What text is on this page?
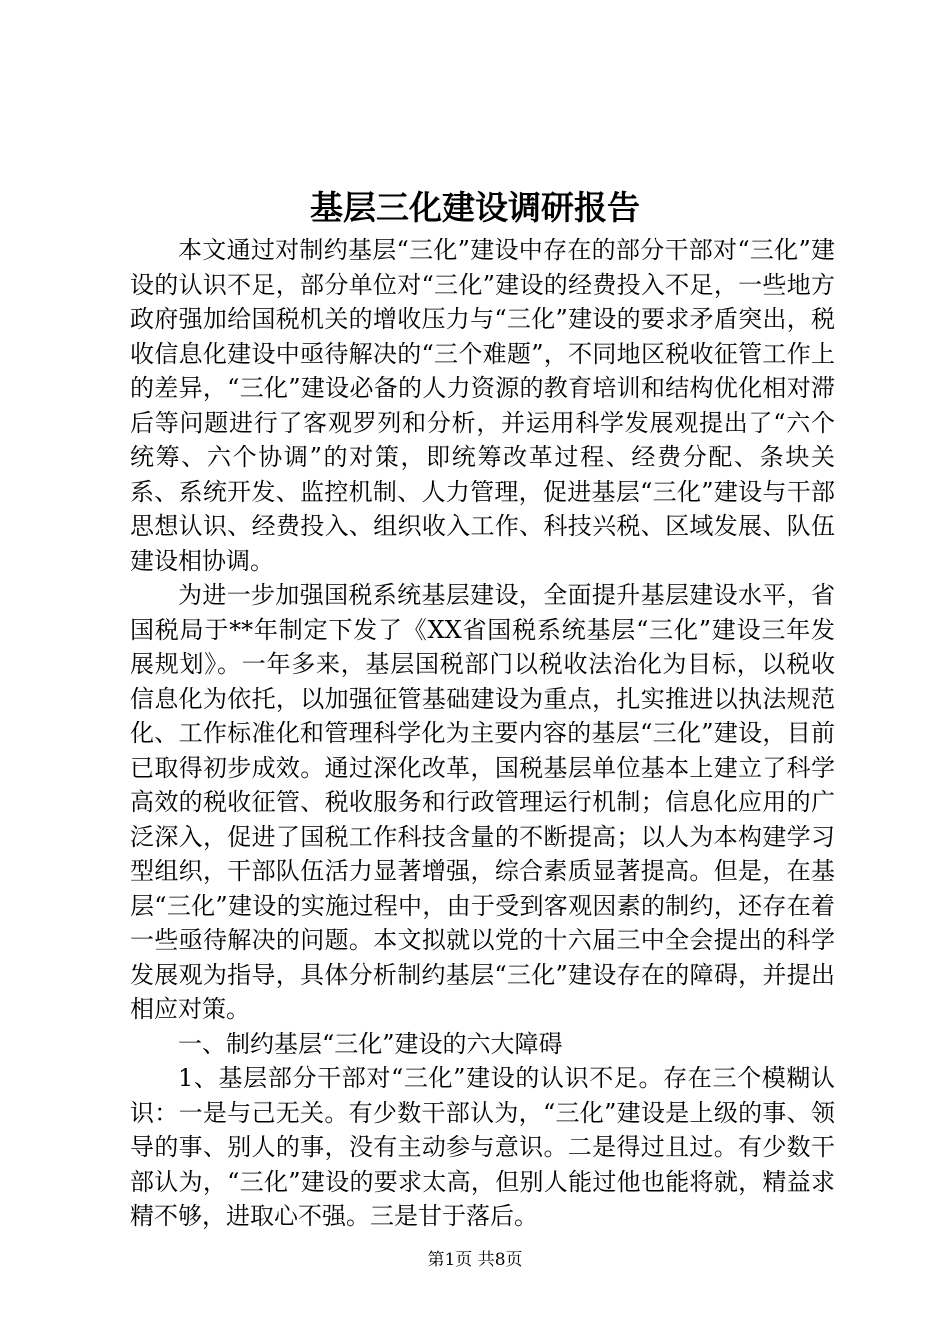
基层三化建设调研报告

本文通过对制约基层“三化”建设中存在的部分干部对“三化”建设的认识不足，部分单位对“三化”建设的经费投入不足，一些地方政府强加给国税机关的增收压力与“三化”建设的要求矛盾突出，税收信息化建设中亟待解决的“三个难题”，不同地区税收征管工作上的差异，“三化”建设必备的人力资源的教育培训和结构优化相对滞后等问题进行了客观罗列和分析，并运用科学发展观提出了“六个统筹、六个协调”的对策，即统筹改革过程、经费分配、条块关系、系统开发、监控机制、人力管理，促进基层“三化”建设与干部思想认识、经费投入、组织收入工作、科技兴税、区域发展、队伍建设相协调。

为进一步加强国税系统基层建设，全面提升基层建设水平，省国税局于**年制定下发了《XX省国税系统基层“三化”建设三年发展规划》。一年多来，基层国税部门以税收法治化为目标，以税收信息化为依托，以加强征管基础建设为重点，扎实推进以执法规范化、工作标准化和管理科学化为主要内容的基层“三化”建设，目前已取得初步成效。通过深化改革，国税基层单位基本上建立了科学高效的税收征管、税收服务和行政管理运行机制；信息化应用的广泛深入，促进了国税工作科技含量的不断提高；以人为本构建学习型组织，干部队伍活力显著增强，综合素质显著提高。但是，在基层“三化”建设的实施过程中，由于受到客观因素的制约，还存在着一些亟待解决的问题。本文拟就以党的十六届三中全会提出的科学发展观为指导，具体分析制约基层“三化”建设存在的障碍，并提出相应对策。

一、制约基层“三化”建设的六大障碍

1、基层部分干部对“三化”建设的认识不足。存在三个模糊认识：一是与己无关。有少数干部认为，“三化”建设是上级的事、领导的事、别人的事，没有主动参与意识。二是得过且过。有少数干部认为，“三化”建设的要求太高，但别人能过他也能将就，精益求精不够，进取心不强。三是甘于落后。

第1页 共8页
